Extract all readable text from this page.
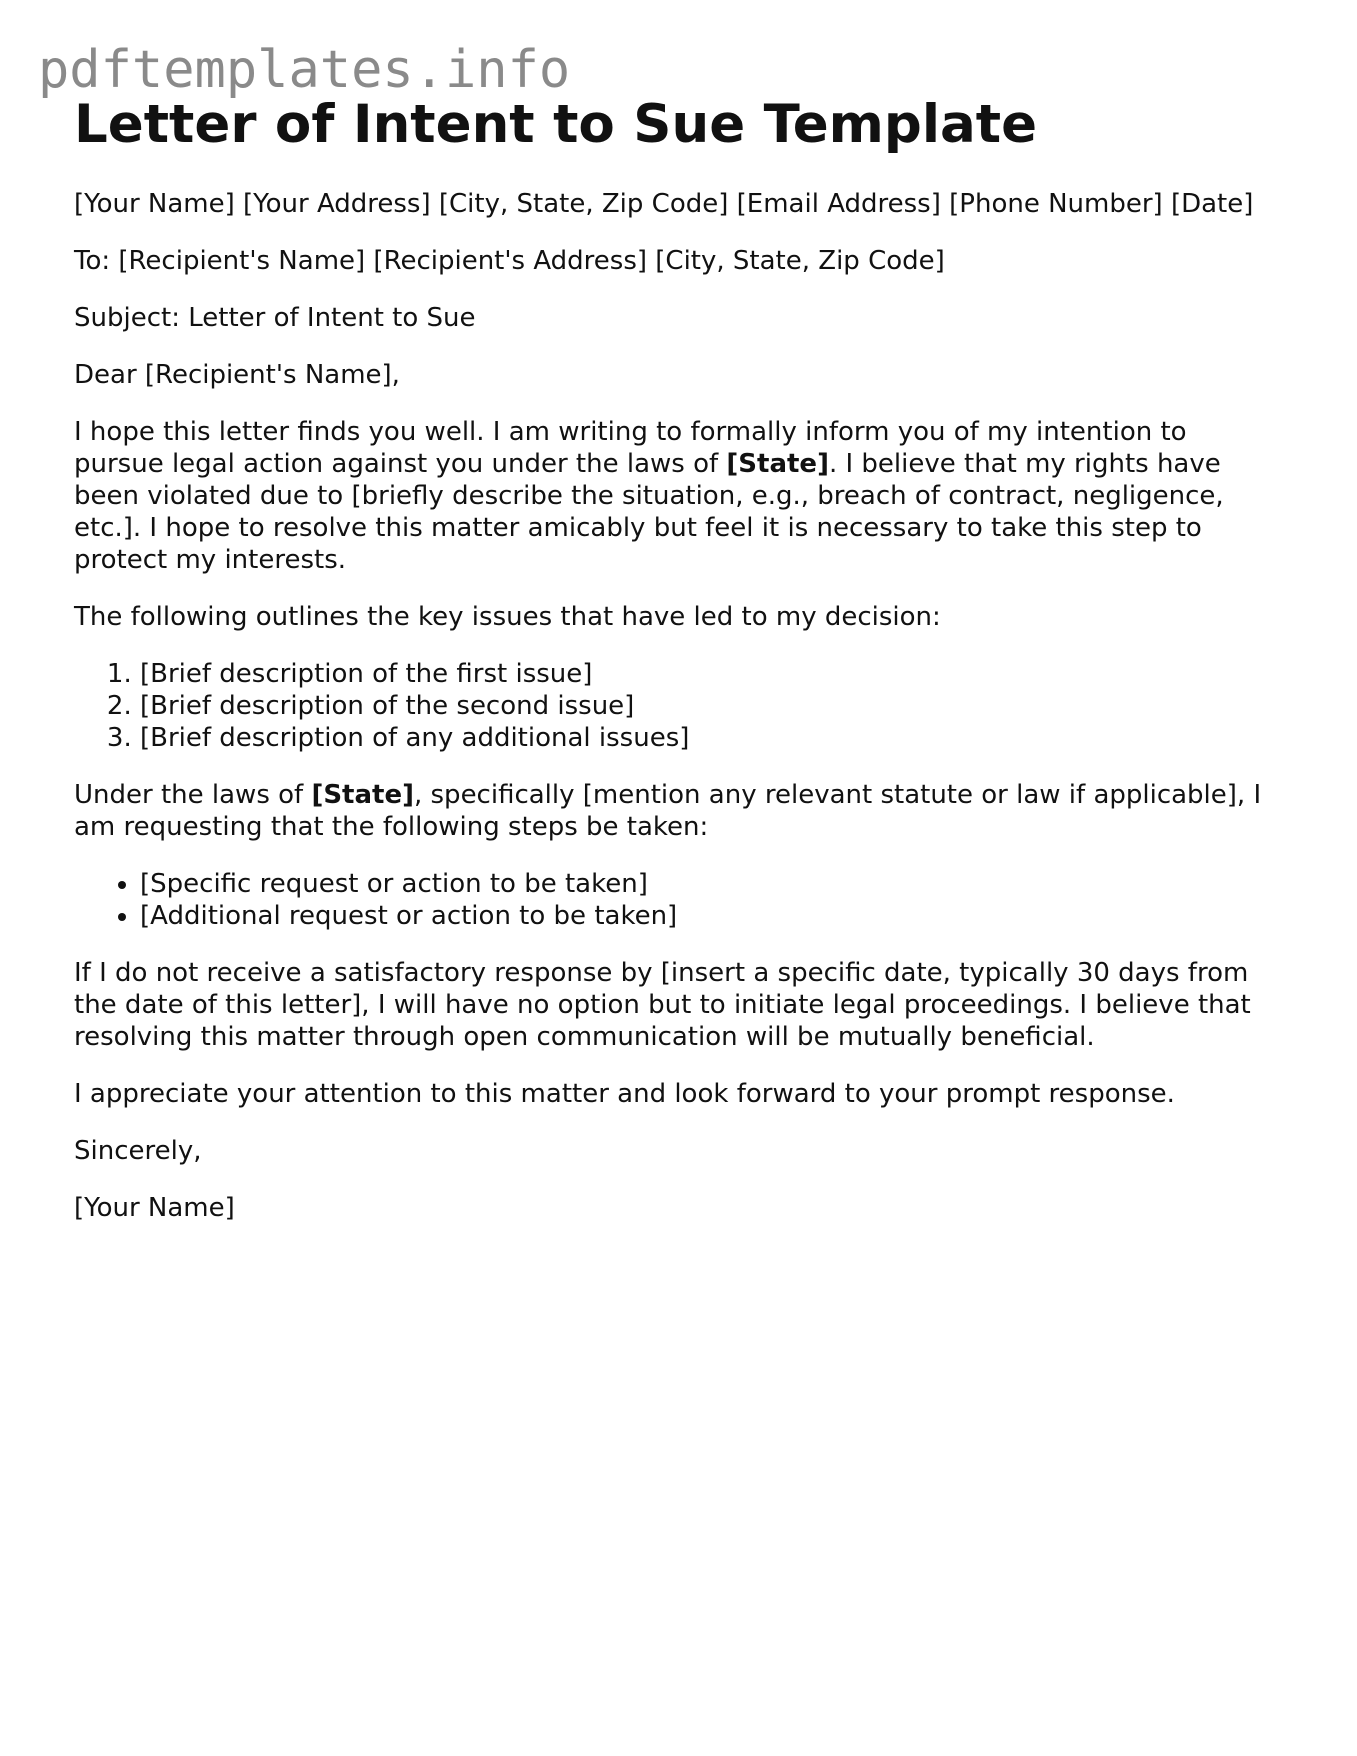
pdftemplates.info
Letter of Intent to Sue Template

[Your Name] [Your Address] [City, State, Zip Code] [Email Address] [Phone Number] [Date]

To: [Recipient's Name] [Recipient's Address] [City, State, Zip Code]

Subject: Letter of Intent to Sue

Dear [Recipient's Name],

I hope this letter finds you well. I am writing to formally inform you of my intention to pursue legal action against you under the laws of [State]. I believe that my rights have been violated due to [briefly describe the situation, e.g., breach of contract, negligence, etc.]. I hope to resolve this matter amicably but feel it is necessary to take this step to protect my interests.

The following outlines the key issues that have led to my decision:

1. [Brief description of the first issue]
2. [Brief description of the second issue]
3. [Brief description of any additional issues]

Under the laws of [State], specifically [mention any relevant statute or law if applicable], I am requesting that the following steps be taken:

• [Specific request or action to be taken]
• [Additional request or action to be taken]

If I do not receive a satisfactory response by [insert a specific date, typically 30 days from the date of this letter], I will have no option but to initiate legal proceedings. I believe that resolving this matter through open communication will be mutually beneficial.

I appreciate your attention to this matter and look forward to your prompt response.

Sincerely,

[Your Name]
